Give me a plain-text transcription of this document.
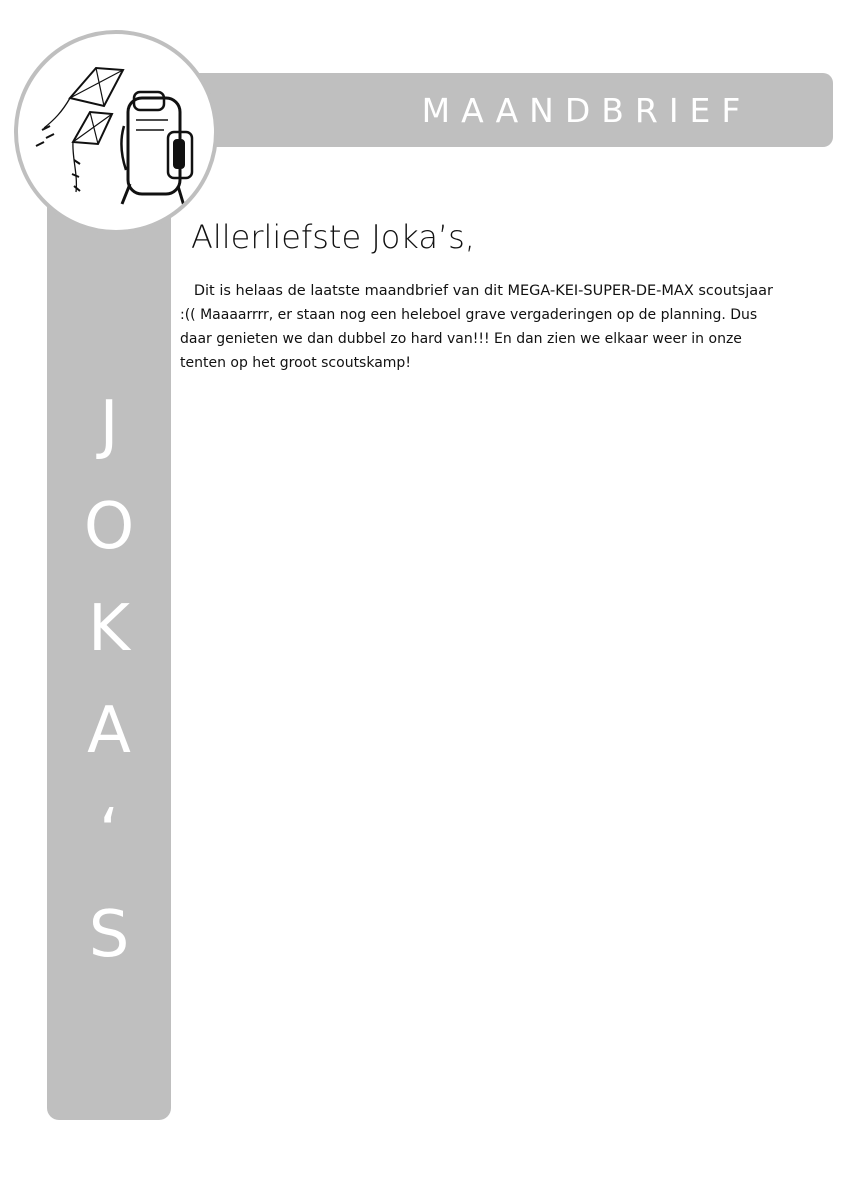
MAANDBRIEF
J
O
K
A
‘
S
Allerliefste Joka’s,
Dit is helaas de laatste maandbrief van dit MEGA-KEI-SUPER-DE-MAX scoutsjaar
:(( Maaaarrrr, er staan nog een heleboel grave vergaderingen op de planning. Dus daar genieten we dan dubbel zo hard van!!! En dan zien we elkaar weer in onze tenten op het groot scoutskamp!
